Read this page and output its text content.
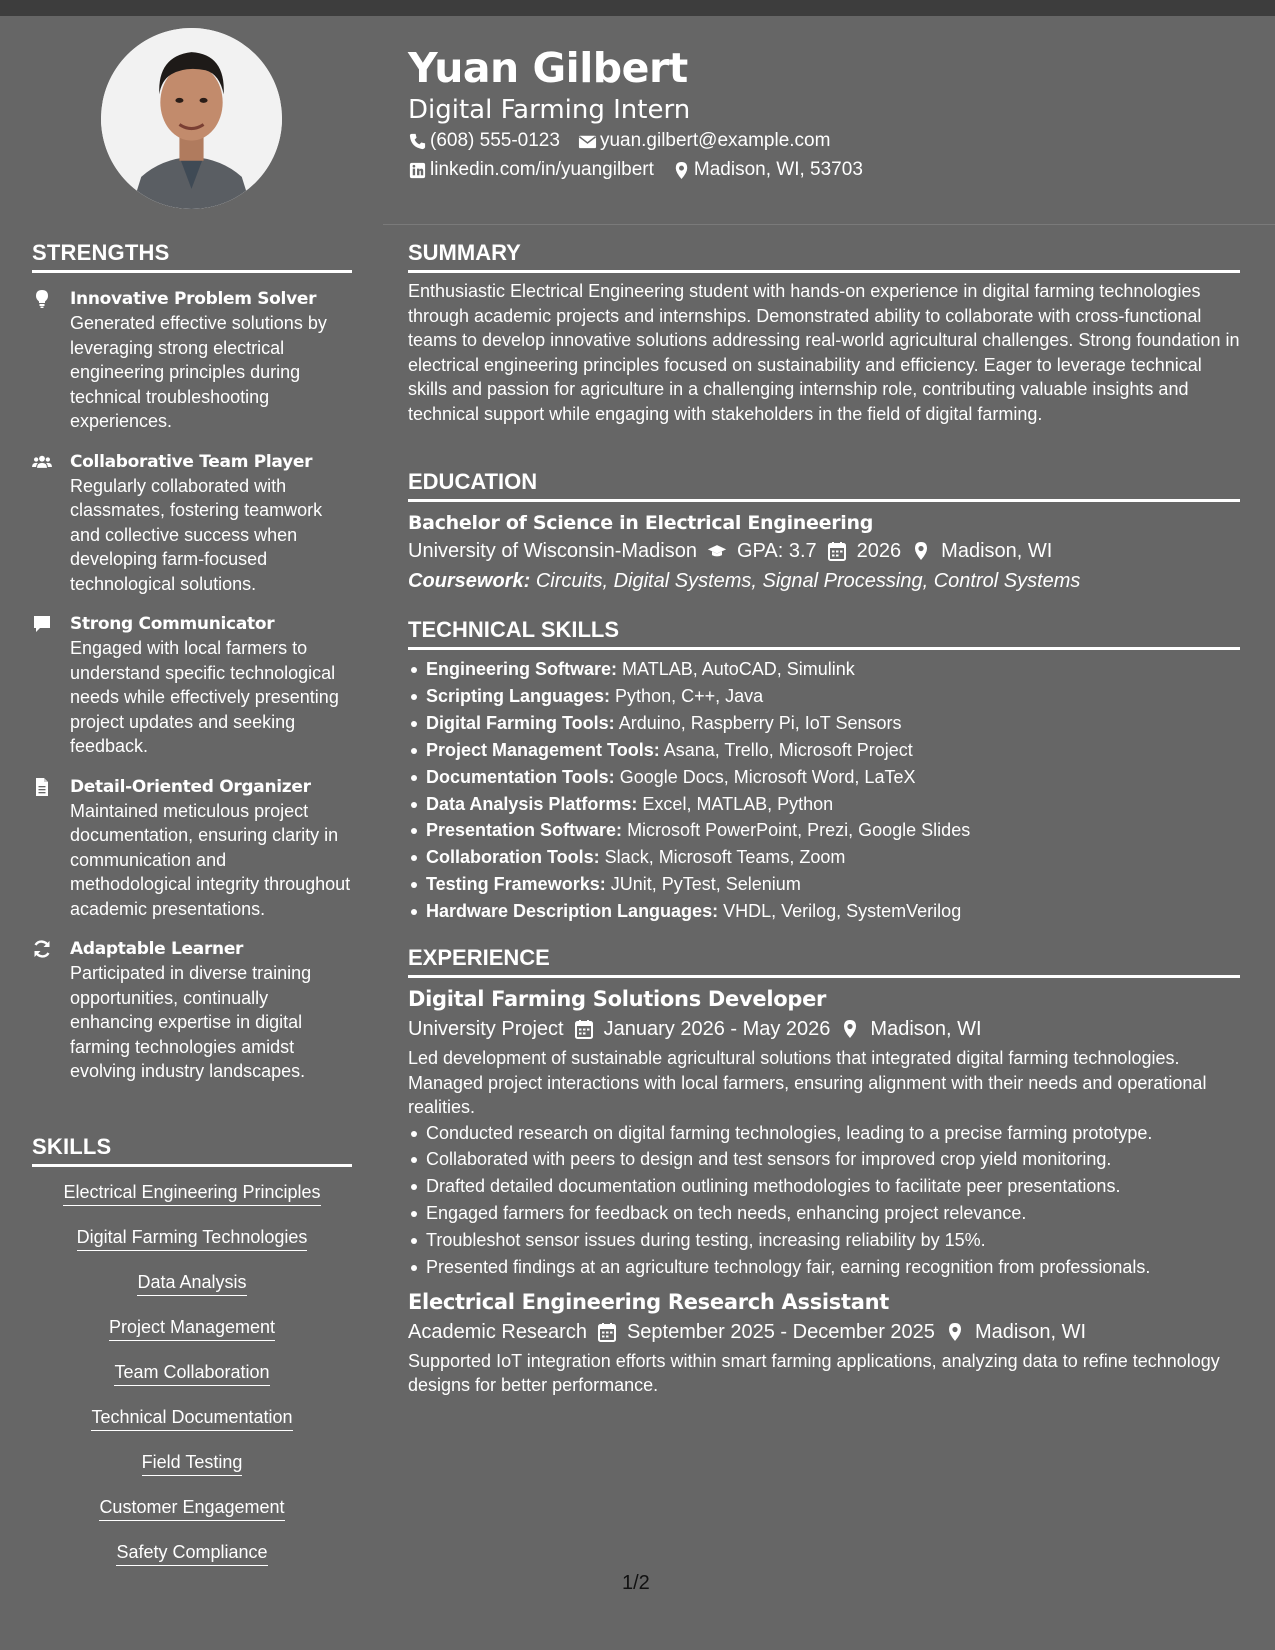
Yuan Gilbert
Digital Farming Intern
(608) 555-0123 yuan.gilbert@example.com
linkedin.com/in/yuangilbert Madison, WI, 53703
STRENGTHS
Innovative Problem Solver
Generated effective solutions by leveraging strong electrical engineering principles during technical troubleshooting experiences.
Collaborative Team Player
Regularly collaborated with classmates, fostering teamwork and collective success when developing farm-focused technological solutions.
Strong Communicator
Engaged with local farmers to understand specific technological needs while effectively presenting project updates and seeking feedback.
Detail-Oriented Organizer
Maintained meticulous project documentation, ensuring clarity in communication and methodological integrity throughout academic presentations.
Adaptable Learner
Participated in diverse training opportunities, continually enhancing expertise in digital farming technologies amidst evolving industry landscapes.
SKILLS
Electrical Engineering Principles
Digital Farming Technologies
Data Analysis
Project Management
Team Collaboration
Technical Documentation
Field Testing
Customer Engagement
Safety Compliance
SUMMARY
Enthusiastic Electrical Engineering student with hands-on experience in digital farming technologies through academic projects and internships. Demonstrated ability to collaborate with cross-functional teams to develop innovative solutions addressing real-world agricultural challenges. Strong foundation in electrical engineering principles focused on sustainability and efficiency. Eager to leverage technical skills and passion for agriculture in a challenging internship role, contributing valuable insights and technical support while engaging with stakeholders in the field of digital farming.
EDUCATION
Bachelor of Science in Electrical Engineering
University of Wisconsin-Madison GPA: 3.7 2026 Madison, WI
Coursework: Circuits, Digital Systems, Signal Processing, Control Systems
TECHNICAL SKILLS
Engineering Software: MATLAB, AutoCAD, Simulink
Scripting Languages: Python, C++, Java
Digital Farming Tools: Arduino, Raspberry Pi, IoT Sensors
Project Management Tools: Asana, Trello, Microsoft Project
Documentation Tools: Google Docs, Microsoft Word, LaTeX
Data Analysis Platforms: Excel, MATLAB, Python
Presentation Software: Microsoft PowerPoint, Prezi, Google Slides
Collaboration Tools: Slack, Microsoft Teams, Zoom
Testing Frameworks: JUnit, PyTest, Selenium
Hardware Description Languages: VHDL, Verilog, SystemVerilog
EXPERIENCE
Digital Farming Solutions Developer
University Project January 2026 - May 2026 Madison, WI
Led development of sustainable agricultural solutions that integrated digital farming technologies. Managed project interactions with local farmers, ensuring alignment with their needs and operational realities.
Conducted research on digital farming technologies, leading to a precise farming prototype.
Collaborated with peers to design and test sensors for improved crop yield monitoring.
Drafted detailed documentation outlining methodologies to facilitate peer presentations.
Engaged farmers for feedback on tech needs, enhancing project relevance.
Troubleshot sensor issues during testing, increasing reliability by 15%.
Presented findings at an agriculture technology fair, earning recognition from professionals.
Electrical Engineering Research Assistant
Academic Research September 2025 - December 2025 Madison, WI
Supported IoT integration efforts within smart farming applications, analyzing data to refine technology designs for better performance.
1/2
